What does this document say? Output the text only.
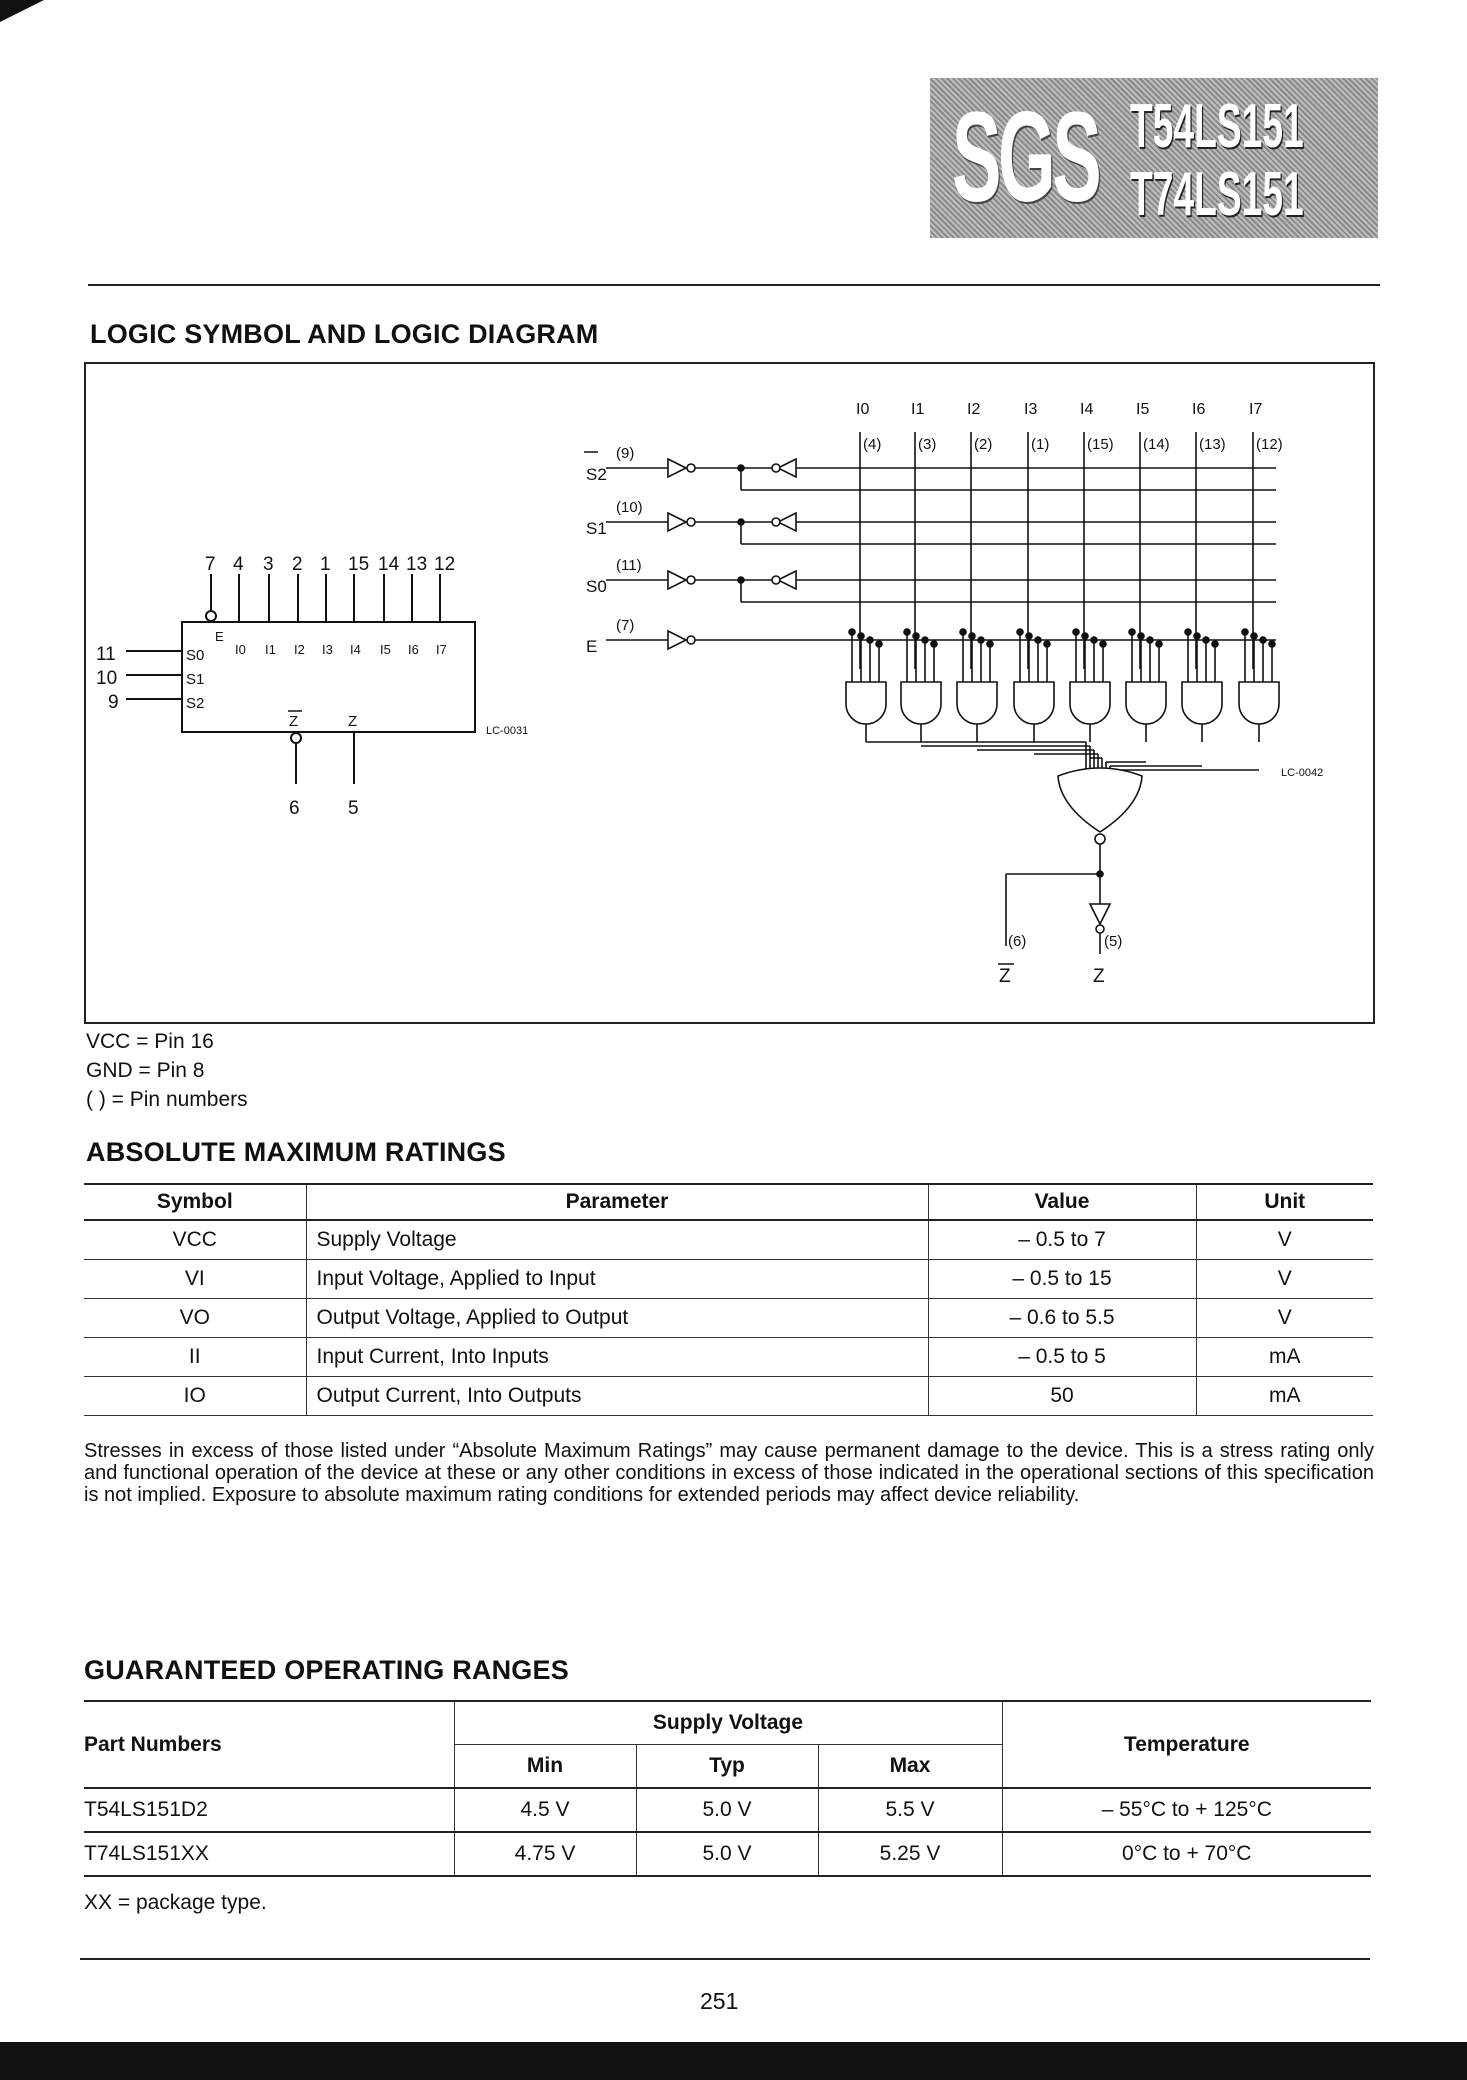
SGS T54LS151
T74LS151
LOGIC SYMBOL AND LOGIC DIAGRAM
7 4 3 2 1 15 14 13 12
E
I0 I1 I2 I3 I4 I5 I6 I7
11
10
9
S0
S1
S2
Z	Z
6	5
LC-0031
I0
(4)
I1
(3)
I2
(2)
I3
(1)
I4
(15)
I5
(14)
I6
(13)
I7
(12)
S2
(9)
S1
(10)
S0
(11)
E
(7)
(6)	(5)
Z	Z
LC-0042
VCC = Pin 16
GND = Pin 8
( ) = Pin numbers
ABSOLUTE MAXIMUM RATINGS
Symbol	Parameter	Value	Unit
VCC	Supply Voltage	– 0.5 to 7	V
VI	Input Voltage, Applied to Input	– 0.5 to 15	V
VO	Output Voltage, Applied to Output	– 0.6 to 5.5	V
II	Input Current, Into Inputs	– 0.5 to 5	mA
IO	Output Current, Into Outputs	50	mA
Stresses in excess of those listed under “Absolute Maximum Ratings” may cause permanent damage to the device. This is a stress rating only and functional operation of the device at these or any other conditions in excess of those indicated in the operational sections of this specification is not implied. Exposure to absolute maximum rating conditions for extended periods may affect device reliability.
GUARANTEED OPERATING RANGES
Part Numbers	Supply Voltage			Temperature
	Min	Typ	Max	
T54LS151D2	4.5 V	5.0 V	5.5 V	– 55°C to + 125°C
T74LS151XX	4.75 V	5.0 V	5.25 V	0°C to + 70°C
XX = package type.
251
